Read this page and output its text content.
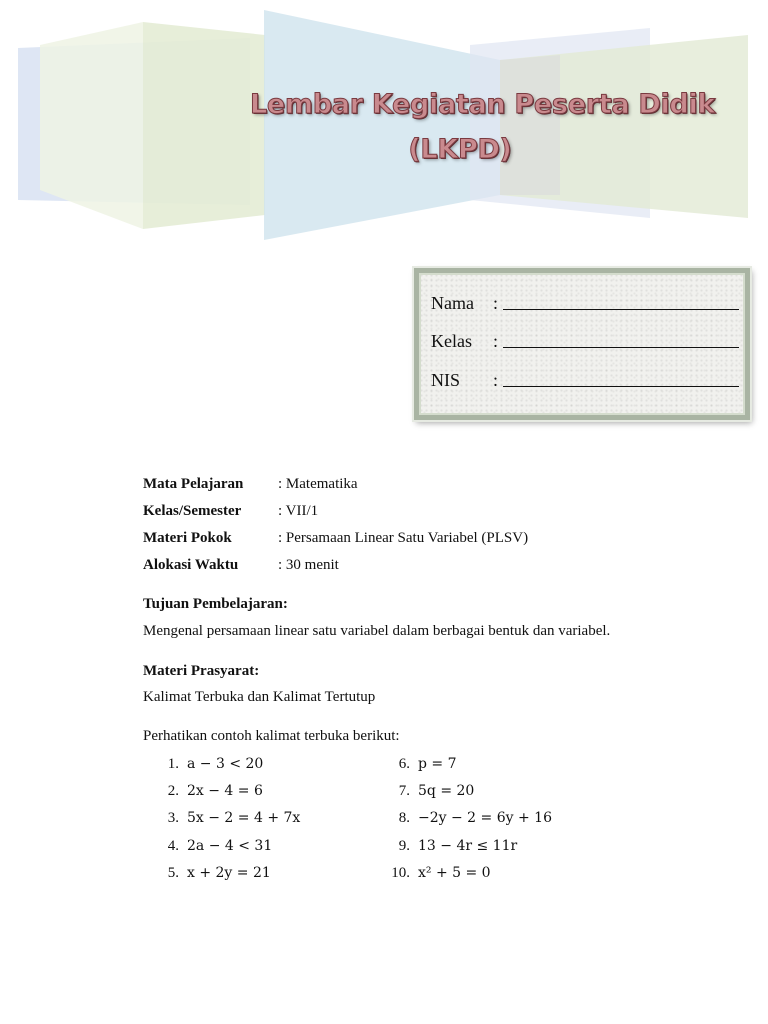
Lembar Kegiatan Peserta Didik
(LKPD)
Nama :
Kelas :
NIS :
Mata Pelajaran : Matematika
Kelas/Semester : VII/1
Materi Pokok	: Persamaan Linear Satu Variabel (PLSV)
Alokasi Waktu	: 30 menit
Tujuan Pembelajaran:
Mengenal persamaan linear satu variabel dalam berbagai bentuk dan variabel.
Materi Prasyarat:
Kalimat Terbuka dan Kalimat Tertutup
Perhatikan contoh kalimat terbuka berikut:
1. a − 3 < 20
2. 2x − 4 = 6
3. 5x − 2 = 4 + 7x
4. 2a − 4 < 31
5. x + 2y = 21
6. p = 7
7. 5q = 20
8. −2y − 2 = 6y + 16
9. 13 − 4r ≤ 11r
10. x² + 5 = 0
